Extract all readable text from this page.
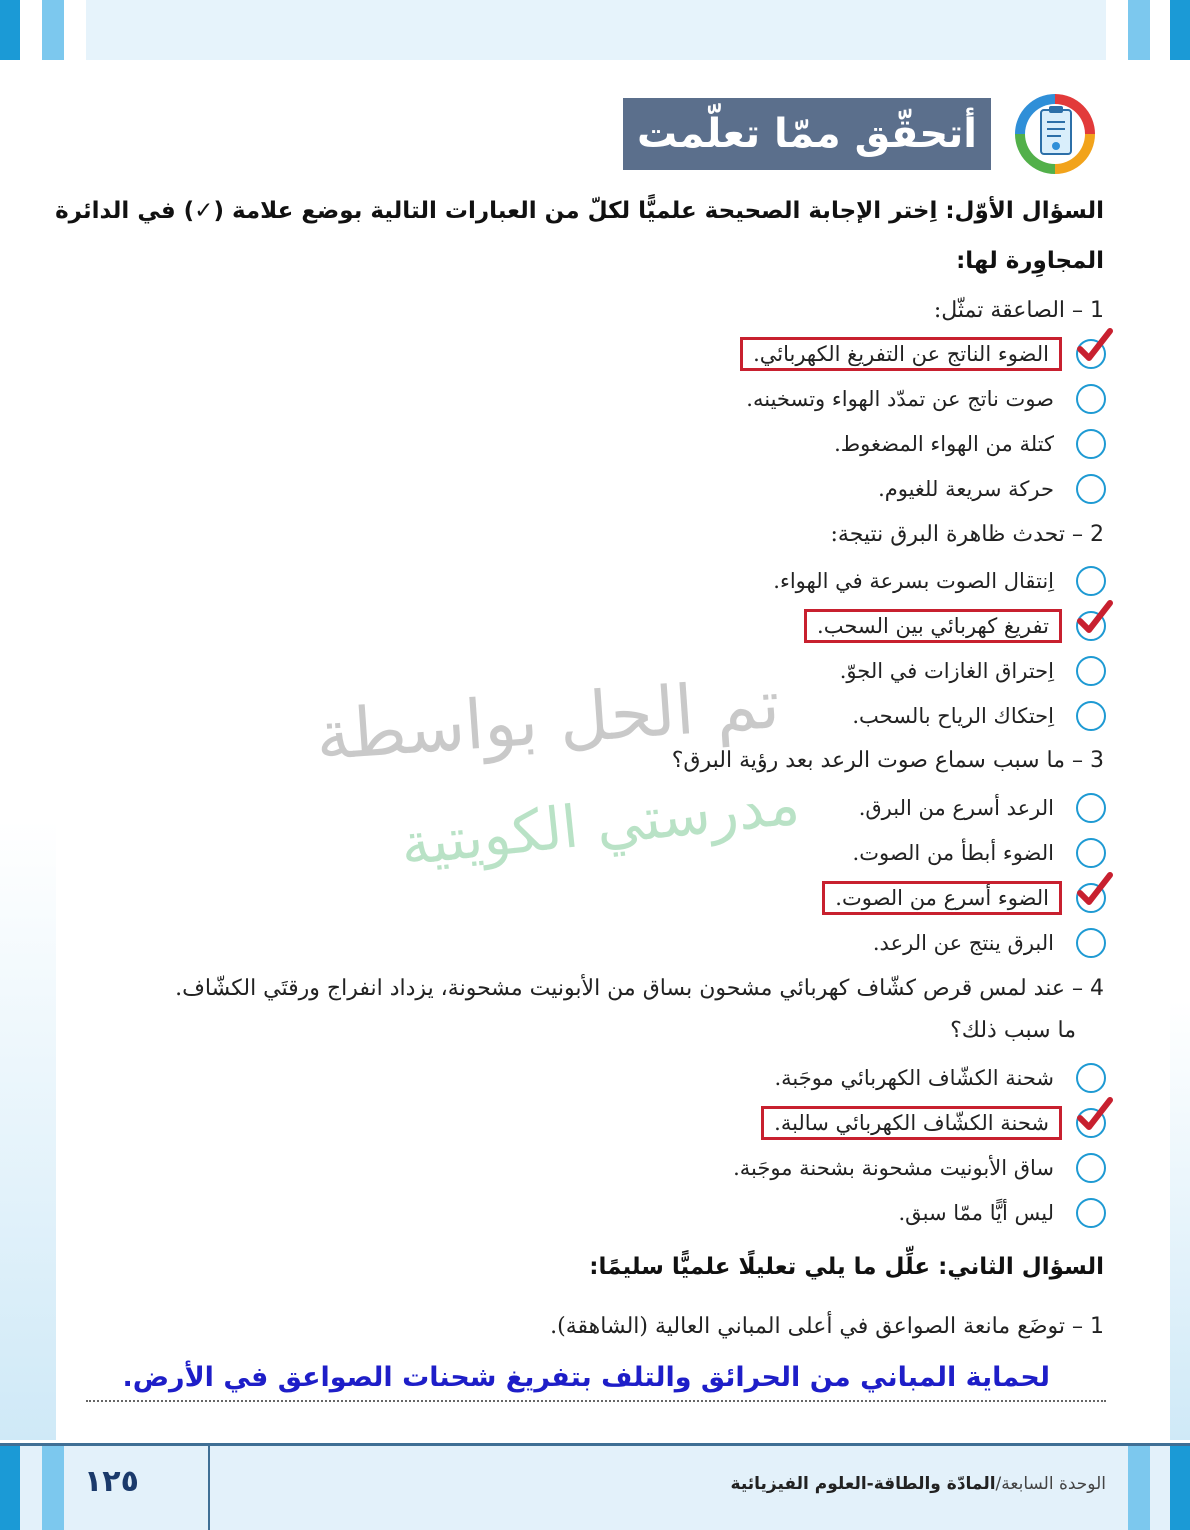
أتحقّق ممّا تعلّمت
السؤال الأوّل: اِختر الإجابة الصحيحة علميًّا لكلّ من العبارات التالية بوضع علامة (✓) في الدائرة
المجاوِرة لها:
1 – الصاعقة تمثّل:
الضوء الناتج عن التفريغ الكهربائي.
صوت ناتج عن تمدّد الهواء وتسخينه.
كتلة من الهواء المضغوط.
حركة سريعة للغيوم.
2 – تحدث ظاهرة البرق نتيجة:
اِنتقال الصوت بسرعة في الهواء.
تفريغ كهربائي بين السحب.
اِحتراق الغازات في الجوّ.
اِحتكاك الرياح بالسحب.
تم الحل بواسطة
مدرستي الكويتية
3 – ما سبب سماع صوت الرعد بعد رؤية البرق؟
الرعد أسرع من البرق.
الضوء أبطأ من الصوت.
الضوء أسرع من الصوت.
البرق ينتج عن الرعد.
4 – عند لمس قرص كشّاف كهربائي مشحون بساق من الأبونيت مشحونة، يزداد انفراج ورقتَي الكشّاف.
ما سبب ذلك؟
شحنة الكشّاف الكهربائي موجَبة.
شحنة الكشّاف الكهربائي سالبة.
ساق الأبونيت مشحونة بشحنة موجَبة.
ليس أيًّا ممّا سبق.
السؤال الثاني: علِّل ما يلي تعليلًا علميًّا سليمًا:
1 – توضَع مانعة الصواعق في أعلى المباني العالية (الشاهقة).
لحماية المباني من الحرائق والتلف بتفريغ شحنات الصواعق في الأرض.
١٢٥	الوحدة السابعة/المادّة والطاقة-العلوم الفيزيائية
